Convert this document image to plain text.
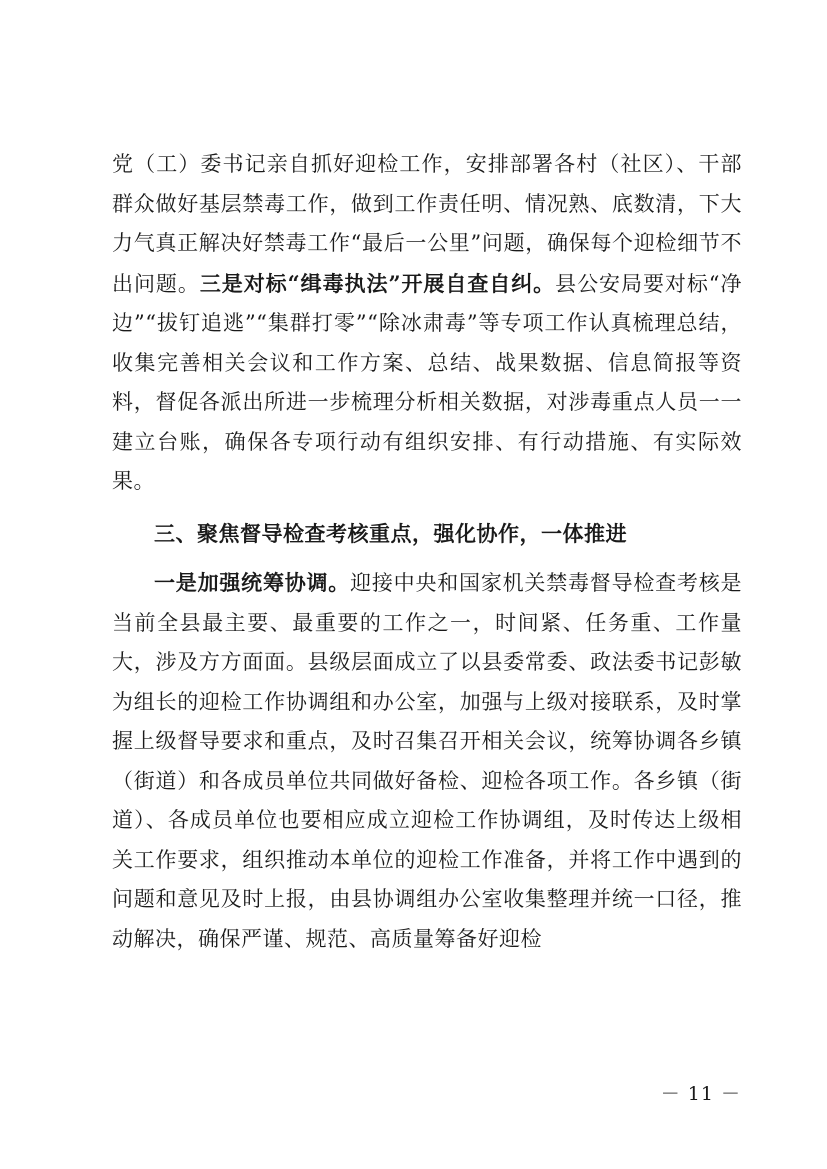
党（工）委书记亲自抓好迎检工作，安排部署各村（社区）、干部群众做好基层禁毒工作，做到工作责任明、情况熟、底数清，下大力气真正解决好禁毒工作“最后一公里”问题，确保每个迎检细节不出问题。三是对标“缉毒执法”开展自查自纠。县公安局要对标“净边”“拔钉追逃”“集群打零”“除冰肃毒”等专项工作认真梳理总结，收集完善相关会议和工作方案、总结、战果数据、信息简报等资料，督促各派出所进一步梳理分析相关数据，对涉毒重点人员一一建立台账，确保各专项行动有组织安排、有行动措施、有实际效果。

三、聚焦督导检查考核重点，强化协作，一体推进

一是加强统筹协调。迎接中央和国家机关禁毒督导检查考核是当前全县最主要、最重要的工作之一，时间紧、任务重、工作量大，涉及方方面面。县级层面成立了以县委常委、政法委书记彭敏为组长的迎检工作协调组和办公室，加强与上级对接联系，及时掌握上级督导要求和重点，及时召集召开相关会议，统筹协调各乡镇（街道）和各成员单位共同做好备检、迎检各项工作。各乡镇（街道）、各成员单位也要相应成立迎检工作协调组，及时传达上级相关工作要求，组织推动本单位的迎检工作准备，并将工作中遇到的问题和意见及时上报，由县协调组办公室收集整理并统一口径，推动解决，确保严谨、规范、高质量筹备好迎检

－ 11 －
